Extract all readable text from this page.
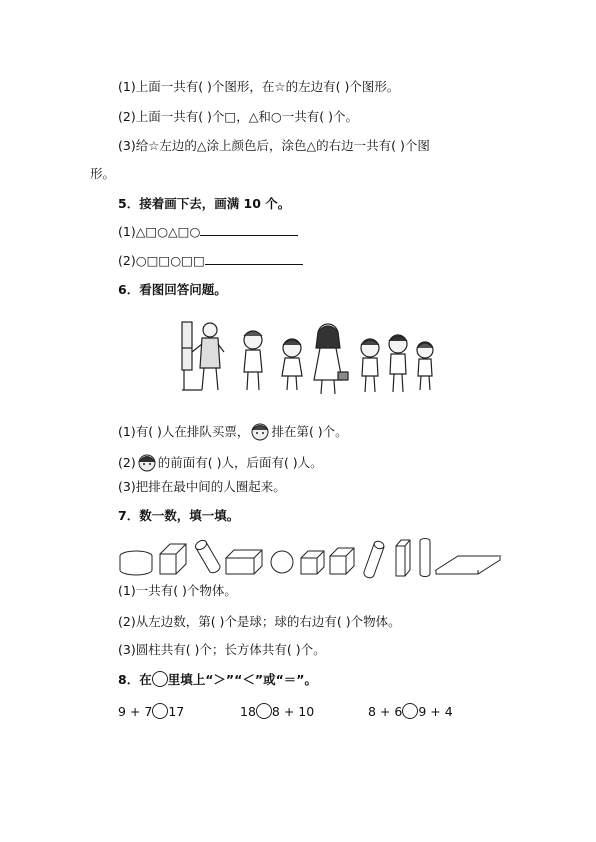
(1)上面一共有( )个图形，在☆的左边有( )个图形。
(2)上面一共有( )个□，△和○一共有( )个。
(3)给☆左边的△涂上颜色后，涂色△的右边一共有( )个图
形。
5．接着画下去，画满 10 个。
(1)△□○△□○
(2)○□□○□□
6．看图回答问题。
(1)有( )人在排队买票， 排在第( )个。
(2) 的前面有( )人，后面有( )人。
(3)把排在最中间的人圈起来。
7．数一数，填一填。
(1)一共有( )个物体。
(2)从左边数，第( )个是球；球的右边有( )个物体。
(3)圆柱共有( )个；长方体共有( )个。
8．在 里填上“＞”“＜”或“＝”。
9 + 7 17	18 8 + 10	8 + 6 9 + 4
